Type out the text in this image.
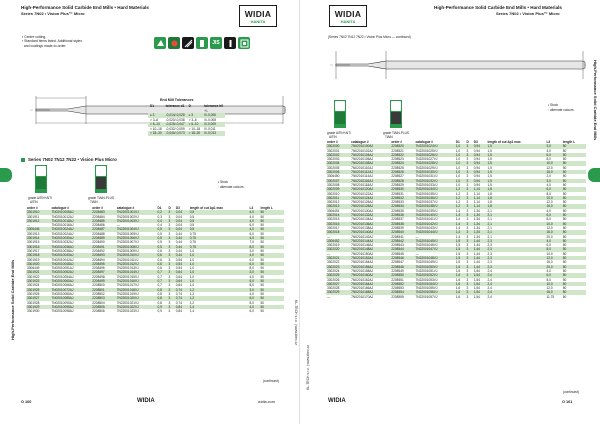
High-Performance Solid Carbide End Mills • Hard Materials
Series 7N02 • Vision Plus™ Micro	WIDIA
HANITA
▪ Centre cutting.
▪ Standard items listed. Additional styles
and coatings made-to-order.	JIS
End Mill Tolerances
D1	tolerance d1	D	tolerance h6
			+/-
≤ 3	-0,014/-0,028	≤ 3	0/-0,006
> 3–6	-0,020/-0,038	> 3–6	0/-0,008
> 6–10	-0,025/-0,047	> 6–10	0/-0,009
> 10–18	-0,032/-0,059	> 10–18	0/-0,011
> 18–30	-0,040/-0,073	> 18–30	0/-0,013
Series 7N02 7N12 7N22 • Vision Plus Micro
grade AlTiN+AlTi
AlTiN
grade TiAlN-PLUS
TiAlN
▪ Stock
◦ alternate colours
order #	catalogue #	order #	catalogue #	D1	D	D3	length of cut Ap1 max	L3	length L
3301910	7N02010008AJ	2208483	7N22001001VJ	0,2	3	0,04	0,5	4,0	50
3301911	7N02010012AJ	2208484	7N22001002VJ	0,3	3	0,04	0,5	4,0	50
3301912	7N02010018AJ	2208485	7N22001003VJ	0,4	3	0,04	0,5	4,0	50
—	7N02010016AJ	2208486	—	0,4	3	0,04	0,5	6,0	50
3306446	7N02010024AJ	2208487	7N22001004VJ	0,5	3	0,04	0,5	4,0	50
3301913	7N02010024AJ	2208488	7N22001005VJ	0,5	3	0,44	0,75	6,0	50
3301914	7N02010030AJ	2208489	7N22001006VJ	0,5	3	0,44	0,75	4,0	50
3301915	7N02010032AJ	2208490	7N22001007VJ	0,5	3	0,44	0,75	7,0	50
3301916	7N02010036AJ	2208491	7N22001008VJ	0,5	3	0,44	0,75	8,0	50
3301917	7N02010038AJ	2208492	7N22001009VJ	0,6	3	0,44	1,0	3,0	50
3301918	7N02010040AJ	2208493	7N22001010VJ	0,6	3	0,44	1,0	4,0	50
3301919	7N02010042AJ	2208494	7N22001011VJ	0,6	3	0,54	1,0	6,0	50
3301920	7N02010048AJ	2208495	7N22001012VJ	0,6	3	0,54	1,0	6,0	50
3306449	7N02010051AJ	2208496	7N22001013VJ	0,6	3	0,54	1,0	8,0	50
3301921	7N02010052AJ	2208497	7N22001014VJ	0,7	3	0,64	1,0	3,0	50
3301922	7N02010054AJ	2208498	7N22001015VJ	0,7	3	0,64	1,0	4,0	50
3301923	7N02010060AJ	2208499	7N22001016VJ	0,7	3	0,64	1,0	6,0	50
3301924	7N02010066AJ	2208500	7N22001017VJ	0,7	3	0,64	1,0	8,0	50
3301925	7N02010072AJ	2208501	7N22001018VJ	0,8	3	0,74	1,2	3,0	50
3301926	7N02010080AJ	2208502	7N22001019VJ	0,8	3	0,74	1,2	4,0	50
3301927	7N02010085AJ	2208503	7N22001020VJ	0,8	3	0,74	1,2	6,0	50
3301928	7N02010090AJ	2208504	7N22001021VJ	0,8	3	0,74	1,2	8,0	50
3301929	7N02010095AJ	2208505	7N22001022VJ	0,9	3	0,84	1,4	4,0	50
3301930	7N02010098AJ	2208506	7N22001023VJ	0,9	3	0,84	1,4	6,0	50
(continued)
O 160	WIDIA	widia.com
High-Performance Solid Carbide End Mills	KL-TECH s.r.o. | www.kltec.cz
WIDIA
HANITA
High-Performance Solid Carbide End Mills • Hard Materials
Series 7N02 • Vision Plus™ Micro
(Series 7N02 7N12 7N22 • Vision Plus Micro — continued)
grade AlTiN+AlTi
AlTiN
grade TiAlN-PLUS
TiAlN
▪ Stock
◦ alternate colours
order #	catalogue #	order #	catalogue #	D1	D	D3	length of cut Ap1 max	L3	length L
3302000	7N02010100AJ	2208520	7N22001024VJ	1,0	3	0,94	1,5	3,0	50
3302001	7N02010102AJ	2208521	7N22001025VJ	1,0	3	0,94	1,5	4,0	50
3302002	7N02010104AJ	2208522	7N22001026VJ	1,0	3	0,94	1,5	6,0	50
3302003	7N02010106AJ	2208523	7N22001027VJ	1,0	3	0,94	1,5	8,0	50
3302004	7N02010108AJ	2208524	7N22001028VJ	1,0	3	0,94	1,5	10,0	50
3302005	7N02010110AJ	2208525	7N22001029VJ	1,0	3	0,94	1,5	12,0	50
3302006	7N02010112AJ	2208526	7N22001030VJ	1,0	3	0,94	1,5	16,0	50
3306450	7N02010114AJ	2208527	7N22001031VJ	1,0	3	0,94	1,5	2,0	50
3302007	7N02010116AJ	2208528	7N22001032VJ	1,0	3	0,94	1,5	3,0	50
3302008	7N02010118AJ	2208529	7N22001033VJ	1,0	3	0,94	1,5	4,0	50
3302009	7N02010120AJ	2208530	7N22001034VJ	1,2	3	1,14	1,8	6,0	50
3302010	7N02010122AJ	2208531	7N22001035VJ	1,2	3	1,14	1,8	8,0	50
3302011	7N02010124AJ	2208532	7N22001036VJ	1,2	3	1,14	1,8	10,0	50
3302012	7N02010126AJ	2208533	7N22001037VJ	1,2	3	1,14	1,8	12,0	50
3302013	7N02010128AJ	2208534	7N22001038VJ	1,2	3	1,14	1,8	16,0	50
3306451	7N02010130AJ	2208535	7N22001039VJ	1,4	3	1,34	2,1	4,0	50
3302014	7N02010132AJ	2208536	7N22001040VJ	1,4	3	1,34	2,1	6,0	50
3302015	7N02010134AJ	2208537	7N22001041VJ	1,4	3	1,34	2,1	8,0	50
3302016	7N02010136AJ	2208538	7N22001042VJ	1,4	3	1,34	2,1	10,0	50
3302017	7N02010138AJ	2208539	7N22001043VJ	1,4	3	1,34	2,1	12,0	50
3302018	7N02010140AJ	2208540	7N22001044VJ	1,4	3	1,34	2,1	16,0	50
—	7N02010142AJ	2208541	—	1,4	3	1,34	2,1	20,0	50
3306452	7N02010144AJ	2208542	7N22001045VJ	1,5	3	1,44	2,3	4,0	50
3302019	7N02010146AJ	2208543	7N22001046VJ	1,5	3	1,44	2,3	6,0	50
3302020	7N02010148AJ	2208544	7N22001047VJ	1,5	3	1,44	2,3	8,0	50
—	7N02010150AJ	2208545	—	1,5	3	1,44	2,3	10,0	50
3302021	7N02010152AJ	2208546	7N22001048VJ	1,5	3	1,44	2,3	12,0	50
3302022	7N02010154AJ	2208547	7N22001049VJ	1,5	3	1,44	2,3	16,0	50
3302023	7N02010156AJ	2208548	7N22001050VJ	1,5	3	1,44	2,3	20,0	50
3302024	7N02010158AJ	2208549	7N22001051VJ	1,6	3	1,54	2,4	4,0	50
3302025	7N02010160AJ	2208550	7N22001052VJ	1,6	3	1,54	2,4	6,0	50
3302026	7N02010162AJ	2208551	7N22001053VJ	1,6	3	1,54	2,4	8,0	50
3302027	7N02010164AJ	2208552	7N22001054VJ	1,6	3	1,54	2,4	10,0	50
3302028	7N02010166AJ	2208553	7N22001055VJ	1,6	3	1,54	2,4	12,0	50
3302029	7N02010168AJ	2208554	7N22001056VJ	1,6	3	1,54	2,4	16,0	50
—	7N02010170AJ	2208555	7N22001057VJ	1,6	3	1,54	2,4	11,75	50
(continued)
WIDIA	O 161
High-Performance Solid Carbide End Mills
KL-TECH s.r.o. | www.kltec.cz
